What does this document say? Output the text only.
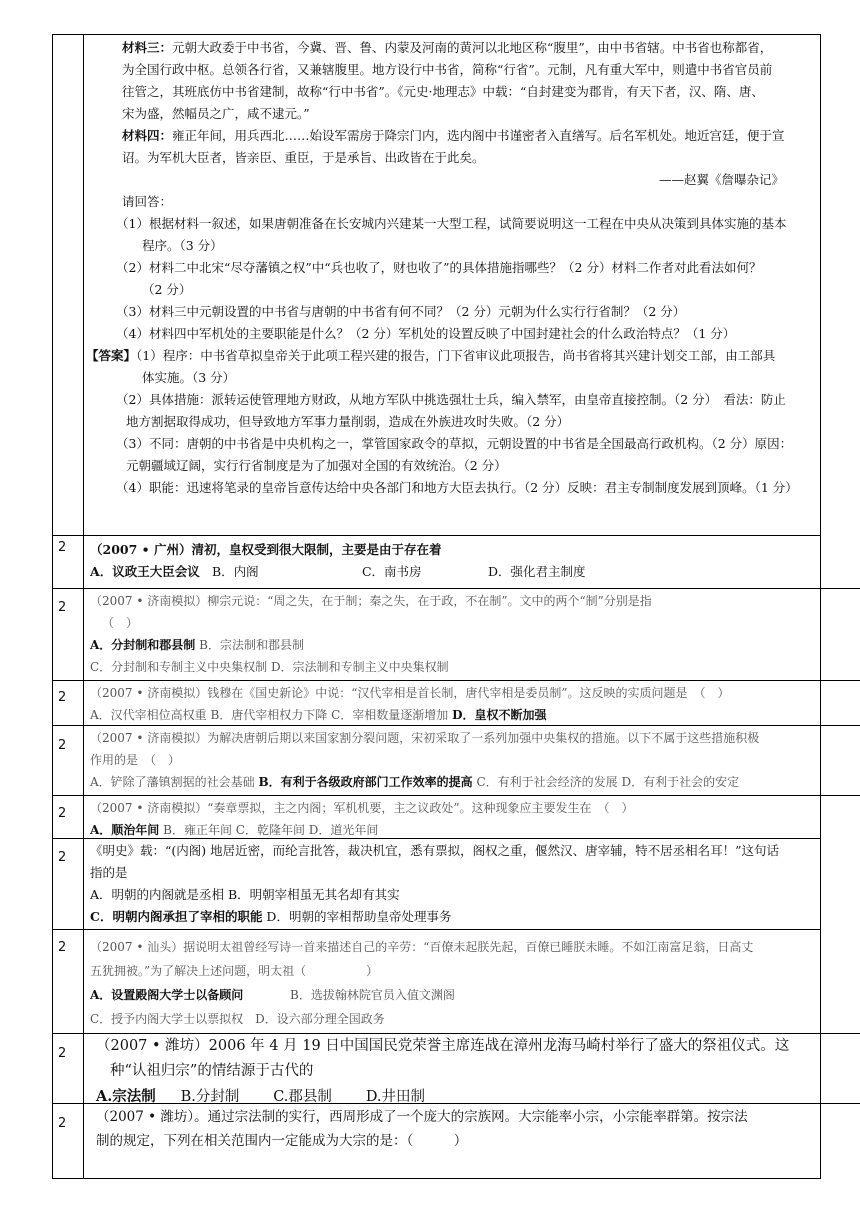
材料三：元朝大政委于中书省，今冀、晋、鲁、内蒙及河南的黄河以北地区称“腹里”，由中书省辖。中书省也称都省，

为全国行政中枢。总领各行省，又兼辖腹里。地方设行中书省，简称“行省”。元制，凡有重大军中，则遣中书省官员前

往管之，其班底仿中书省建制，故称“行中书省”。《元史·地理志》中载：“自封建变为郡肯，有天下者，汉、隋、唐、

宋为盛，然幅员之广，咸不逮元。”

材料四：雍正年间，用兵西北……始设军需房于降宗门内，选内阁中书谨密者入直缮写。后名军机处。地近宫廷，便于宣

诏。为军机大臣者，皆亲臣、重臣，于是承旨、出政皆在于此矣。

——赵翼《詹曝杂记》

请回答：

（1）根据材料一叙述，如果唐朝准备在长安城内兴建某一大型工程，试简要说明这一工程在中央从决策到具体实施的基本

程序。（3 分）

（2）材料二中北宋“尽夺藩镇之权”中“兵也收了，财也收了”的具体措施指哪些？（2 分）材料二作者对此看法如何？

（2 分）

（3）材料三中元朝设置的中书省与唐朝的中书省有何不同？（2 分）元朝为什么实行行省制？（2 分）

（4）材料四中军机处的主要职能是什么？（2 分）军机处的设置反映了中国封建社会的什么政治特点？（1 分）

【答案】（1）程序：中书省草拟皇帝关于此项工程兴建的报告，门下省审议此项报告，尚书省将其兴建计划交工部，由工部具

体实施。（3 分）

（2）具体措施：派转运使管理地方财政，从地方军队中挑选强壮士兵，编入禁军，由皇帝直接控制。（2 分）　看法：防止

地方割据取得成功，但导致地方军事力量削弱，造成在外族进攻时失败。（2 分）

（3）不同：唐朝的中书省是中央机构之一，掌管国家政令的草拟，元朝设置的中书省是全国最高行政机构。（2 分）原因：

元朝疆域辽阔，实行行省制度是为了加强对全国的有效统治。（2 分）

（4）职能：迅速将笔录的皇帝旨意传达给中央各部门和地方大臣去执行。（2 分）反映：君主专制制度发展到顶峰。（1 分）

2 （2007 • 广州）清初，皇权受到很大限制，主要是由于存在着

A．议政王大臣会议 B．内阁	C．南书房	D．强化君主制度

2 （2007 • 济南模拟）柳宗元说：“周之失，在于制；秦之失，在于政，不在制”。文中的两个“制”分别是指

（　）

A．分封制和郡县制 B．宗法制和郡县制

C．分封制和专制主义中央集权制 D．宗法制和专制主义中央集权制

2 （2007 • 济南模拟）钱穆在《国史新论》中说：“汉代宰相是首长制，唐代宰相是委员制”。这反映的实质问题是　（　）

A．汉代宰相位高权重 B．唐代宰相权力下降 C．宰相数量逐渐增加 D．皇权不断加强

2 （2007 • 济南模拟）为解决唐朝后期以来国家割分裂问题，宋初采取了一系列加强中央集权的措施。以下不属于这些措施积极

作用的是　（　）

A．铲除了藩镇割据的社会基础 B．有利于各级政府部门工作效率的提高 C．有利于社会经济的发展 D．有利于社会的安定

2 （2007 • 济南模拟）“奏章票拟，主之内阁；军机机要，主之议政处”。这种现象应主要发生在　（　）

A．顺治年间 B．雍正年间 C．乾隆年间 D．道光年间

2 《明史》载：“(内阁) 地居近密，而纶言批答，裁决机宜，悉有票拟，阁权之重，偃然汉、唐宰辅，特不居丞相名耳！”这句话

指的是

A．明朝的内阁就是丞相 B．明朝宰相虽无其名却有其实

C．明朝内阁承担了宰相的职能 D．明朝的宰相帮助皇帝处理事务

2 （2007 • 汕头）据说明太祖曾经写诗一首来描述自己的辛劳：“百僚未起朕先起，百僚已睡朕未睡。不如江南富足翁，日高丈

五犹拥被。”为了解决上述问题，明太祖（　　　　　）

A．设置殿阁大学士以备顾问	B．选拔翰林院官员入值文渊阁

C．授予内阁大学士以票拟权　D．设六部分理全国政务

2 （2007 • 潍坊）2006 年 4 月 19 日中国国民党荣誉主席连战在漳州龙海马崎村举行了盛大的祭祖仪式。这

种“认祖归宗”的情结源于古代的

A.宗法制 B.分封制 C.郡县制 D.井田制

2 （2007 • 潍坊）。通过宗法制的实行，西周形成了一个庞大的宗族网。大宗能率小宗，小宗能率群第。按宗法

制的规定，下列在相关范围内一定能成为大宗的是：（　　　）
